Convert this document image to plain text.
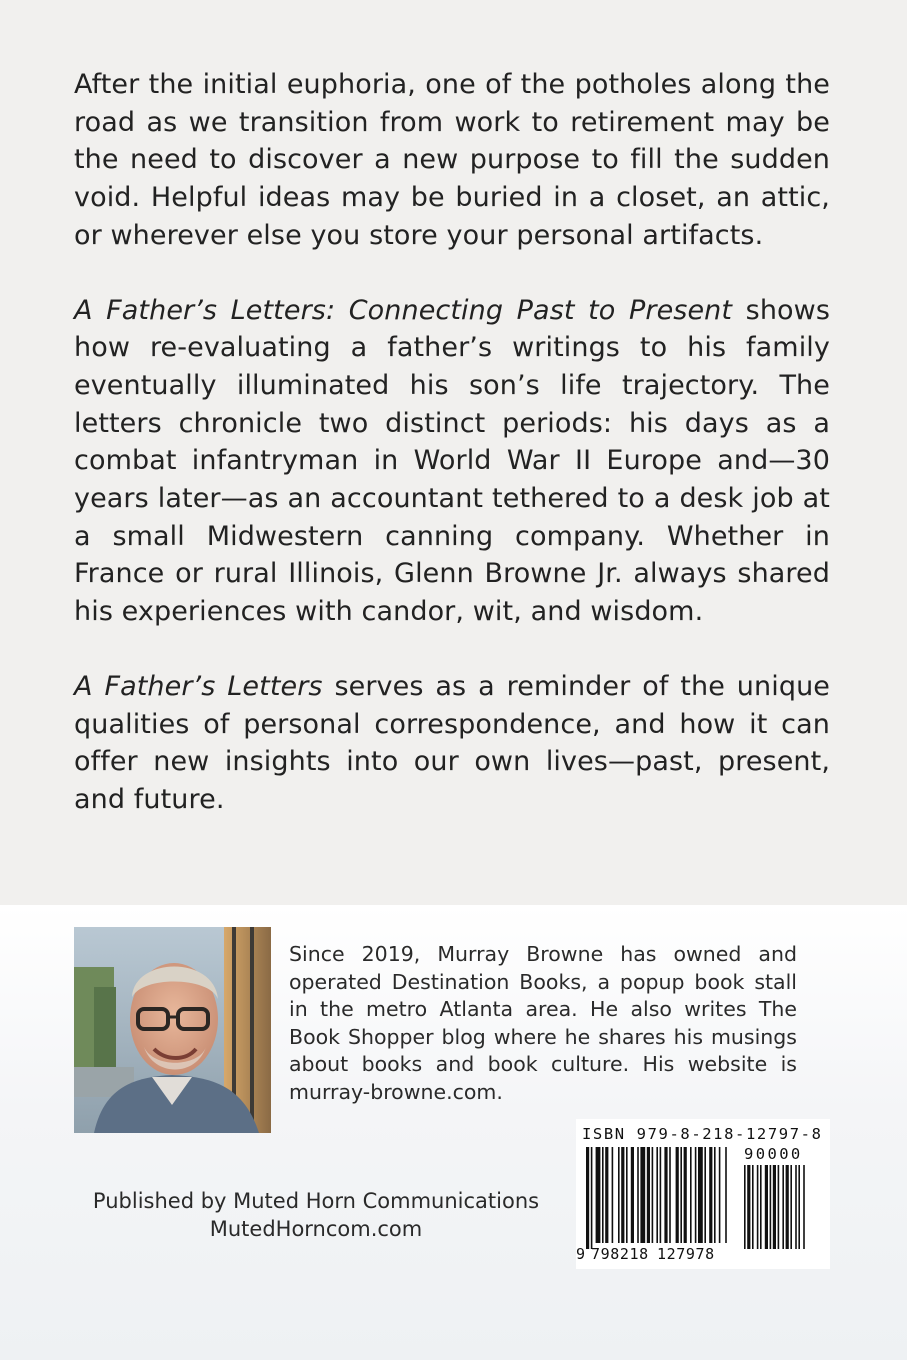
After the initial euphoria, one of the potholes along the road as we transition from work to retirement may be the need to discover a new purpose to fill the sudden void. Helpful ideas may be buried in a closet, an attic, or wherever else you store your personal artifacts.

A Father’s Letters: Connecting Past to Present shows how re-evaluating a father’s writings to his family eventually illuminated his son’s life trajectory. The letters chronicle two distinct periods: his days as a combat infantryman in World War II Europe and—30 years later—as an accountant tethered to a desk job at a small Midwestern canning company. Whether in France or rural Illinois, Glenn Browne Jr. always shared his experiences with candor, wit, and wisdom.

A Father’s Letters serves as a reminder of the unique qualities of personal correspondence, and how it can offer new insights into our own lives—past, present, and future.

Since 2019, Murray Browne has owned and operated Destination Books, a popup book stall in the metro Atlanta area. He also writes The Book Shopper blog where he shares his musings about books and book culture. His website is murray-browne.com.
Published by Muted Horn Communications
MutedHorncom.com
ISBN 979-8-218-12797-8
90000
9 798218 127978
